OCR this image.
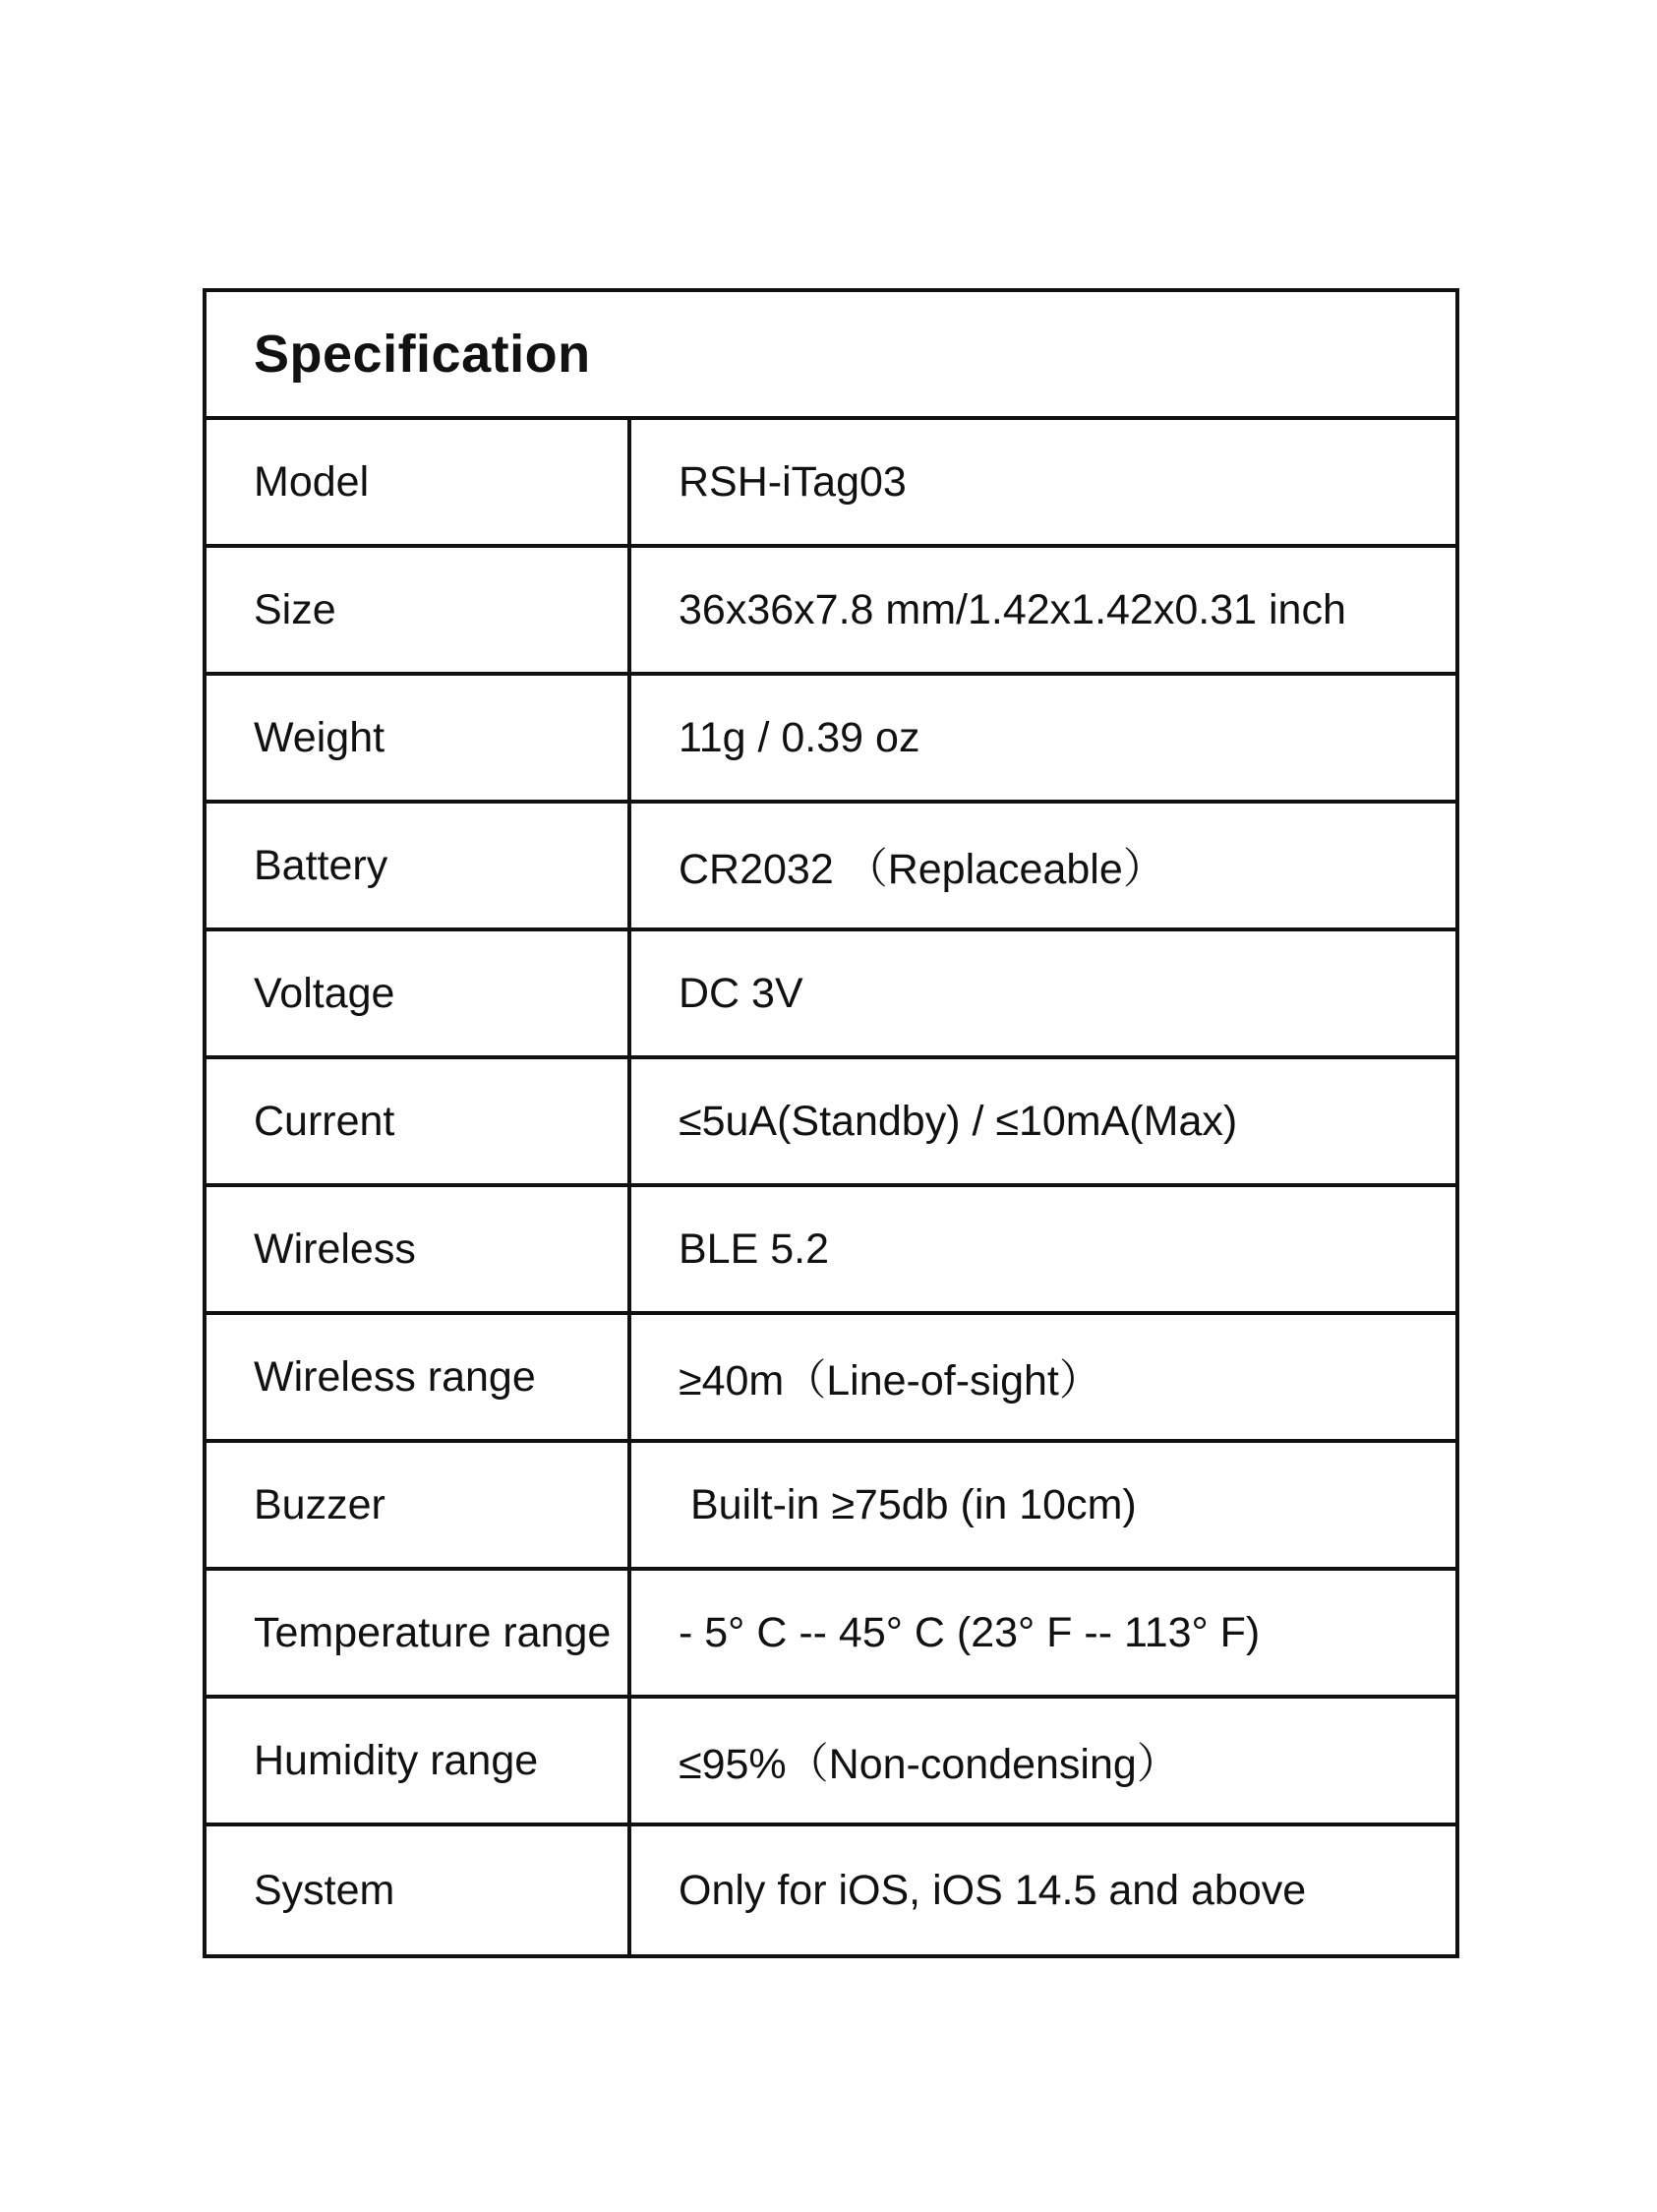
Specification
Model	RSH-iTag03
Size	36x36x7.8 mm/1.42x1.42x0.31 inch
Weight	11g / 0.39 oz
Battery	CR2032 （Replaceable）
Voltage	DC 3V
Current	≤5uA(Standby) / ≤10mA(Max)
Wireless	BLE 5.2
Wireless range	≥40m（Line-of-sight）
Buzzer	Built-in ≥75db (in 10cm)
Temperature range	- 5° C -- 45° C (23° F -- 113° F)
Humidity range	≤95%（Non-condensing）
System	Only for iOS, iOS 14.5 and above
